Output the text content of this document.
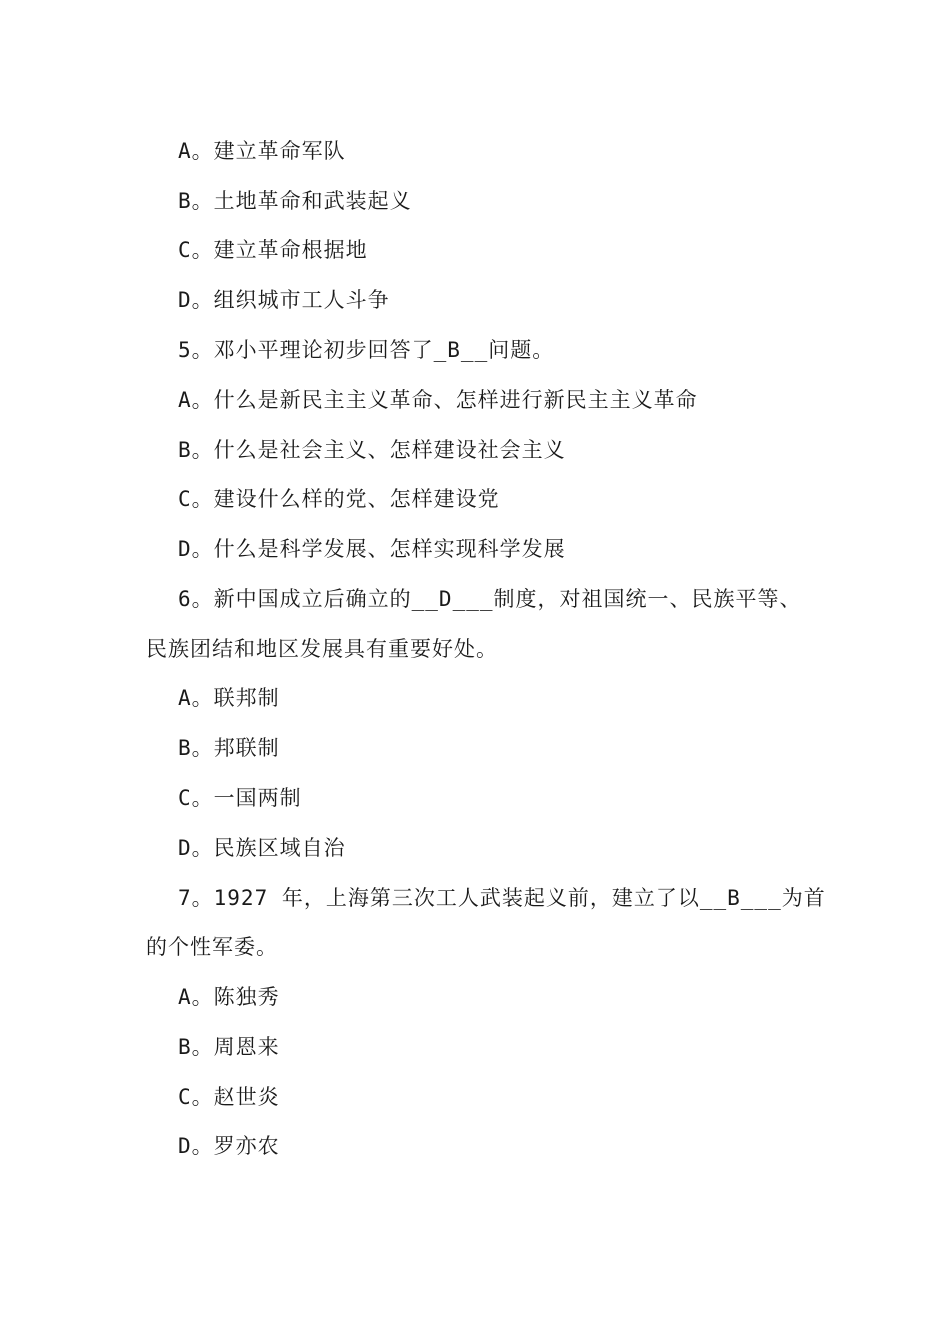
A。建立革命军队
B。土地革命和武装起义
C。建立革命根据地
D。组织城市工人斗争
5。邓小平理论初步回答了_B__问题。
A。什么是新民主主义革命、怎样进行新民主主义革命
B。什么是社会主义、怎样建设社会主义
C。建设什么样的党、怎样建设党
D。什么是科学发展、怎样实现科学发展
6。新中国成立后确立的__D___制度，对祖国统一、民族平等、
民族团结和地区发展具有重要好处。
A。联邦制
B。邦联制
C。一国两制
D。民族区域自治
7。1927 年，上海第三次工人武装起义前，建立了以__B___为首
的个性军委。
A。陈独秀
B。周恩来
C。赵世炎
D。罗亦农
